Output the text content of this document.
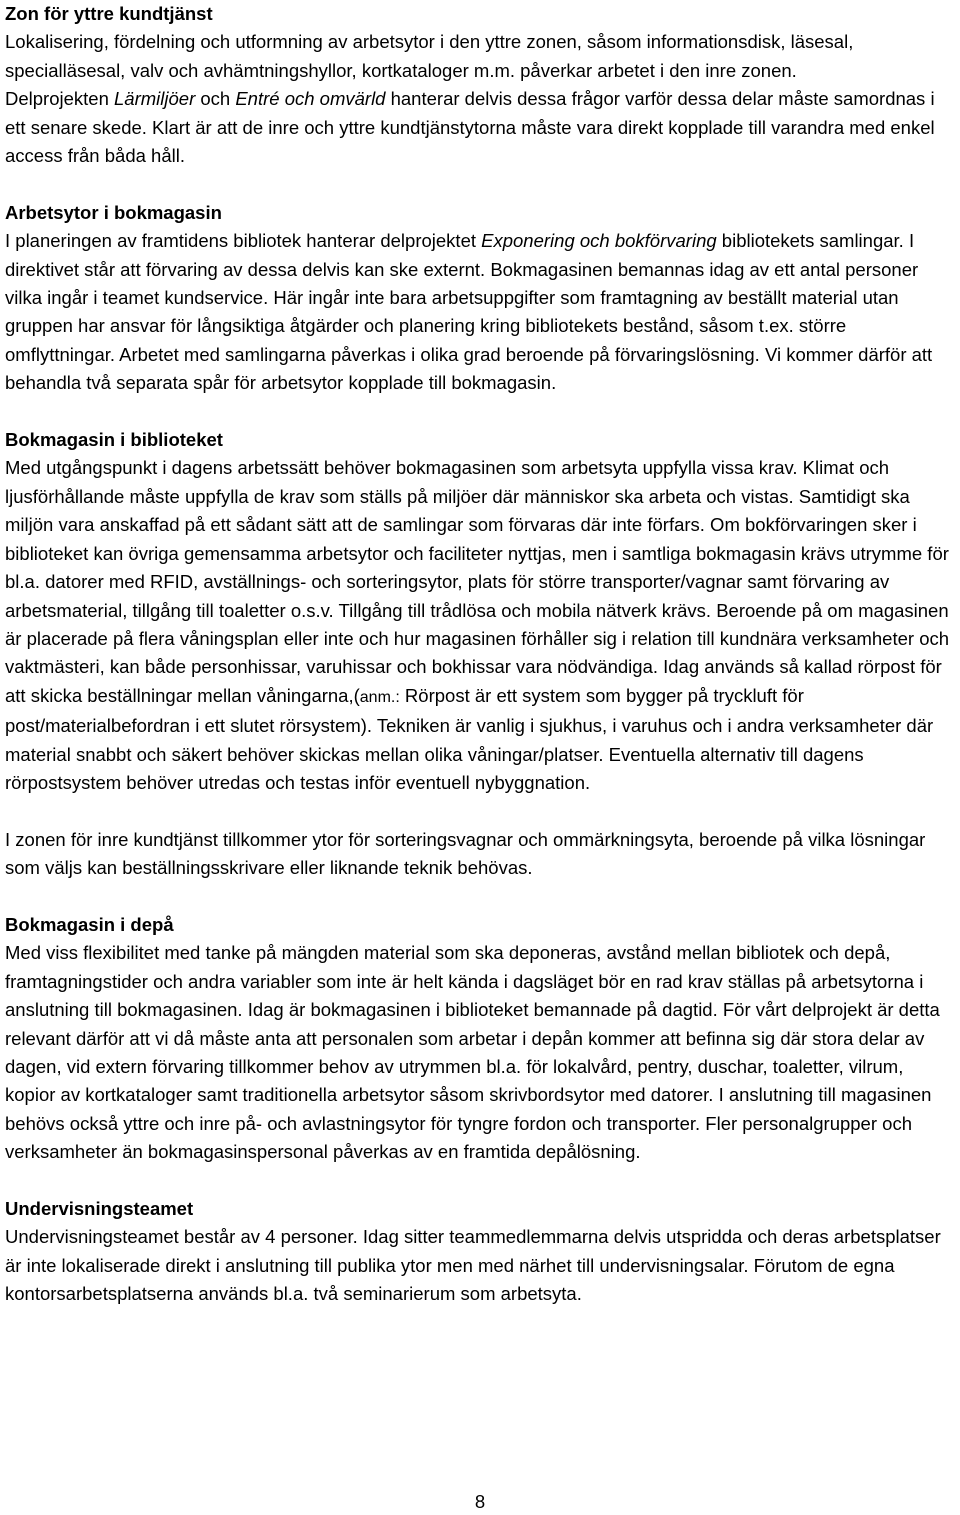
Zon för yttre kundtjänst

Lokalisering, fördelning och utformning av arbetsytor i den yttre zonen, såsom informationsdisk, läsesal, specialläsesal, valv och avhämtningshyllor, kortkataloger m.m. påverkar arbetet i den inre zonen.

Delprojekten Lärmiljöer och Entré och omvärld hanterar delvis dessa frågor varför dessa delar måste samordnas i ett senare skede. Klart är att de inre och yttre kundtjänstytorna måste vara direkt kopplade till varandra med enkel access från båda håll.

Arbetsytor i bokmagasin

I planeringen av framtidens bibliotek hanterar delprojektet Exponering och bokförvaring bibliotekets samlingar. I direktivet står att förvaring av dessa delvis kan ske externt. Bokmagasinen bemannas idag av ett antal personer vilka ingår i teamet kundservice. Här ingår inte bara arbetsuppgifter som framtagning av beställt material utan gruppen har ansvar för långsiktiga åtgärder och planering kring bibliotekets bestånd, såsom t.ex. större omflyttningar. Arbetet med samlingarna påverkas i olika grad beroende på förvaringslösning. Vi kommer därför att behandla två separata spår för arbetsytor kopplade till bokmagasin.

Bokmagasin i biblioteket

Med utgångspunkt i dagens arbetssätt behöver bokmagasinen som arbetsyta uppfylla vissa krav. Klimat och ljusförhållande måste uppfylla de krav som ställs på miljöer där människor ska arbeta och vistas. Samtidigt ska miljön vara anskaffad på ett sådant sätt att de samlingar som förvaras där inte förfars. Om bokförvaringen sker i biblioteket kan övriga gemensamma arbetsytor och faciliteter nyttjas, men i samtliga bokmagasin krävs utrymme för bl.a. datorer med RFID, avställnings- och sorteringsytor, plats för större transporter/vagnar samt förvaring av arbetsmaterial, tillgång till toaletter o.s.v. Tillgång till trådlösa och mobila nätverk krävs. Beroende på om magasinen är placerade på flera våningsplan eller inte och hur magasinen förhåller sig i relation till kundnära verksamheter och vaktmästeri, kan både personhissar, varuhissar och bokhissar vara nödvändiga. Idag används så kallad rörpost för att skicka beställningar mellan våningarna,(anm.: Rörpost är ett system som bygger på tryckluft för post/materialbefordran i ett slutet rörsystem). Tekniken är vanlig i sjukhus, i varuhus och i andra verksamheter där material snabbt och säkert behöver skickas mellan olika våningar/platser. Eventuella alternativ till dagens rörpostsystem behöver utredas och testas inför eventuell nybyggnation.

I zonen för inre kundtjänst tillkommer ytor för sorteringsvagnar och ommärkningsyta, beroende på vilka lösningar som väljs kan beställningsskrivare eller liknande teknik behövas.

Bokmagasin i depå

Med viss flexibilitet med tanke på mängden material som ska deponeras, avstånd mellan bibliotek och depå, framtagningstider och andra variabler som inte är helt kända i dagsläget bör en rad krav ställas på arbetsytorna i anslutning till bokmagasinen. Idag är bokmagasinen i biblioteket bemannade på dagtid. För vårt delprojekt är detta relevant därför att vi då måste anta att personalen som arbetar i depån kommer att befinna sig där stora delar av dagen, vid extern förvaring tillkommer behov av utrymmen bl.a. för lokalvård, pentry, duschar, toaletter, vilrum, kopior av kortkataloger samt traditionella arbetsytor såsom skrivbordsytor med datorer. I anslutning till magasinen behövs också yttre och inre på- och avlastningsytor för tyngre fordon och transporter. Fler personalgrupper och verksamheter än bokmagasinspersonal påverkas av en framtida depålösning.

Undervisningsteamet

Undervisningsteamet består av 4 personer. Idag sitter teammedlemmarna delvis utspridda och deras arbetsplatser är inte lokaliserade direkt i anslutning till publika ytor men med närhet till undervisningsalar. Förutom de egna kontorsarbetsplatserna används bl.a. två seminarierum som arbetsyta.

8
